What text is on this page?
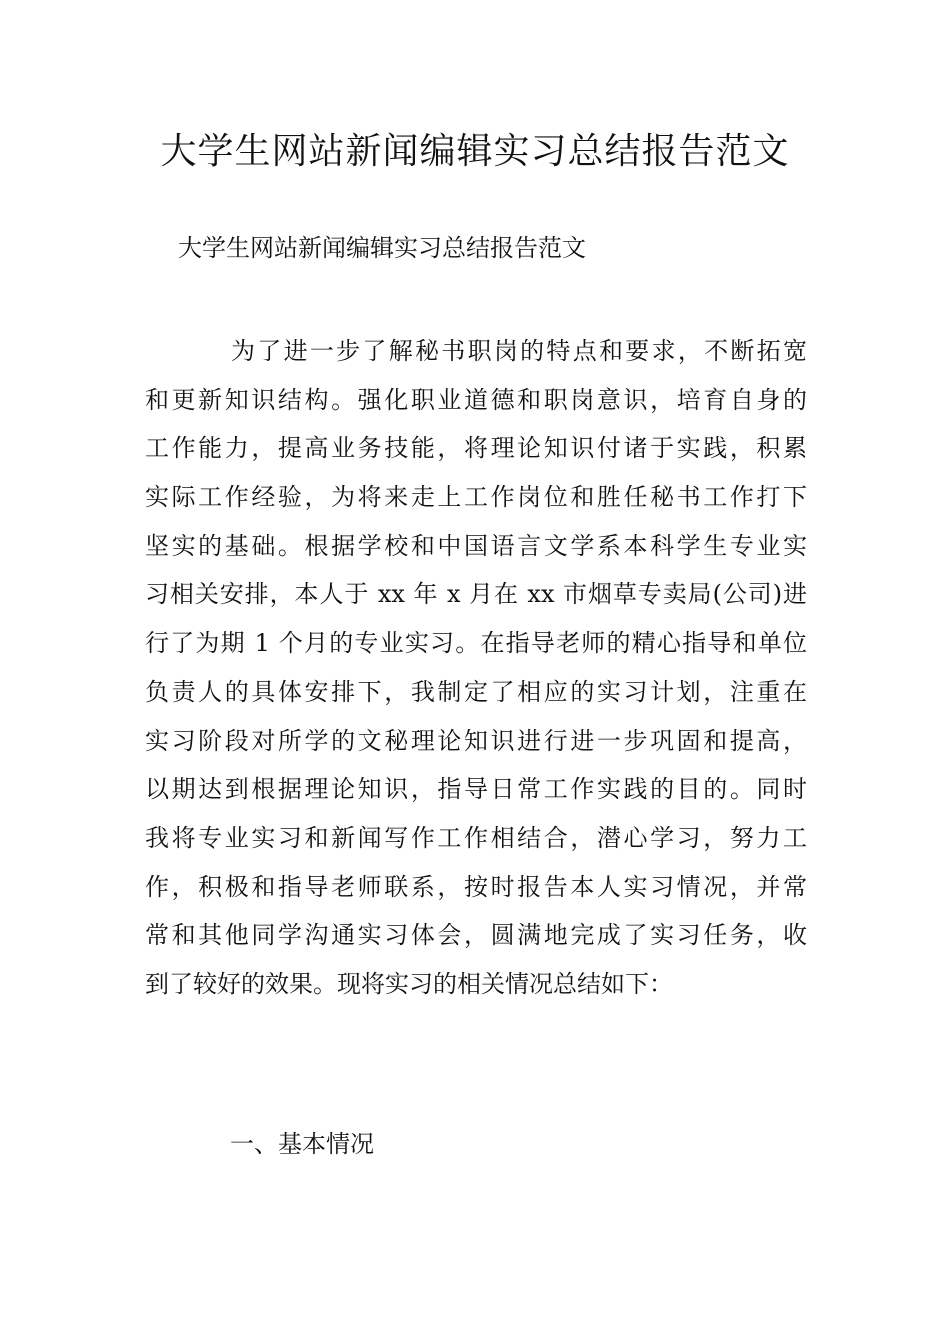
大学生网站新闻编辑实习总结报告范文

大学生网站新闻编辑实习总结报告范文

为了进一步了解秘书职岗的特点和要求，不断拓宽
和更新知识结构。强化职业道德和职岗意识，培育自身的
工作能力，提高业务技能，将理论知识付诸于实践，积累
实际工作经验，为将来走上工作岗位和胜任秘书工作打下
坚实的基础。根据学校和中国语言文学系本科学生专业实
习相关安排，本人于 xx 年 x 月在 xx 市烟草专卖局(公司)进
行了为期 1 个月的专业实习。在指导老师的精心指导和单位
负责人的具体安排下，我制定了相应的实习计划，注重在
实习阶段对所学的文秘理论知识进行进一步巩固和提高，
以期达到根据理论知识，指导日常工作实践的目的。同时
我将专业实习和新闻写作工作相结合，潜心学习，努力工
作，积极和指导老师联系，按时报告本人实习情况，并常
常和其他同学沟通实习体会，圆满地完成了实习任务，收
到了较好的效果。现将实习的相关情况总结如下：

一、基本情况
